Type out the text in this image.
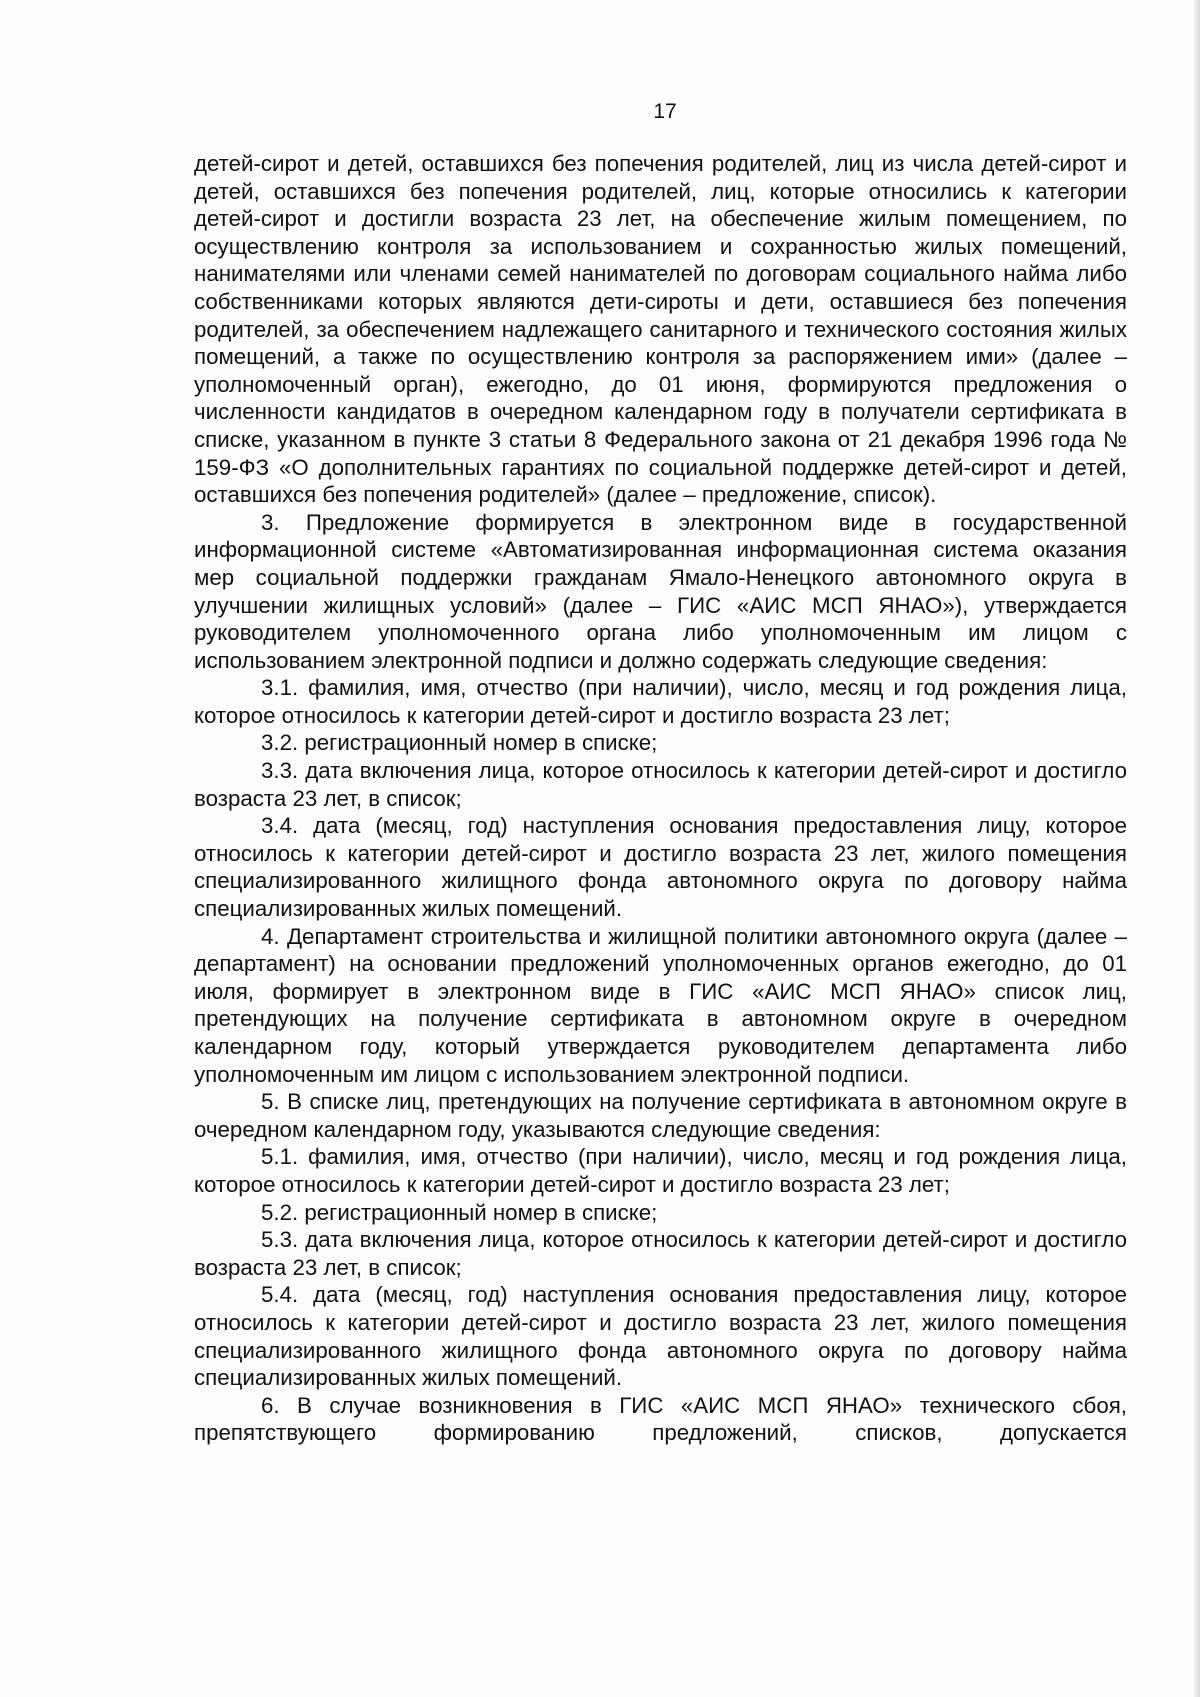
17

детей-сирот и детей, оставшихся без попечения родителей, лиц из числа детей-сирот и детей, оставшихся без попечения родителей, лиц, которые относились к категории детей-сирот и достигли возраста 23 лет, на обеспечение жилым помещением, по осуществлению контроля за использованием и сохранностью жилых помещений, нанимателями или членами семей нанимателей по договорам социального найма либо собственниками которых являются дети-сироты и дети, оставшиеся без попечения родителей, за обеспечением надлежащего санитарного и технического состояния жилых помещений, а также по осуществлению контроля за распоряжением ими» (далее – уполномоченный орган), ежегодно, до 01 июня, формируются предложения о численности кандидатов в очередном календарном году в получатели сертификата в списке, указанном в пункте 3 статьи 8 Федерального закона от 21 декабря 1996 года № 159-ФЗ «О дополнительных гарантиях по социальной поддержке детей-сирот и детей, оставшихся без попечения родителей» (далее – предложение, список).

3. Предложение формируется в электронном виде в государственной информационной системе «Автоматизированная информационная система оказания мер социальной поддержки гражданам Ямало-Ненецкого автономного округа в улучшении жилищных условий» (далее – ГИС «АИС МСП ЯНАО»), утверждается руководителем уполномоченного органа либо уполномоченным им лицом с использованием электронной подписи и должно содержать следующие сведения:

3.1. фамилия, имя, отчество (при наличии), число, месяц и год рождения лица, которое относилось к категории детей-сирот и достигло возраста 23 лет;

3.2. регистрационный номер в списке;

3.3. дата включения лица, которое относилось к категории детей-сирот и достигло возраста 23 лет, в список;

3.4. дата (месяц, год) наступления основания предоставления лицу, которое относилось к категории детей-сирот и достигло возраста 23 лет, жилого помещения специализированного жилищного фонда автономного округа по договору найма специализированных жилых помещений.

4. Департамент строительства и жилищной политики автономного округа (далее – департамент) на основании предложений уполномоченных органов ежегодно, до 01 июля, формирует в электронном виде в ГИС «АИС МСП ЯНАО» список лиц, претендующих на получение сертификата в автономном округе в очередном календарном году, который утверждается руководителем департамента либо уполномоченным им лицом с использованием электронной подписи.

5. В списке лиц, претендующих на получение сертификата в автономном округе в очередном календарном году, указываются следующие сведения:

5.1. фамилия, имя, отчество (при наличии), число, месяц и год рождения лица, которое относилось к категории детей-сирот и достигло возраста 23 лет;

5.2. регистрационный номер в списке;

5.3. дата включения лица, которое относилось к категории детей-сирот и достигло возраста 23 лет, в список;

5.4. дата (месяц, год) наступления основания предоставления лицу, которое относилось к категории детей-сирот и достигло возраста 23 лет, жилого помещения специализированного жилищного фонда автономного округа по договору найма специализированных жилых помещений.

6. В случае возникновения в ГИС «АИС МСП ЯНАО» технического сбоя, препятствующего формированию предложений, списков, допускается
